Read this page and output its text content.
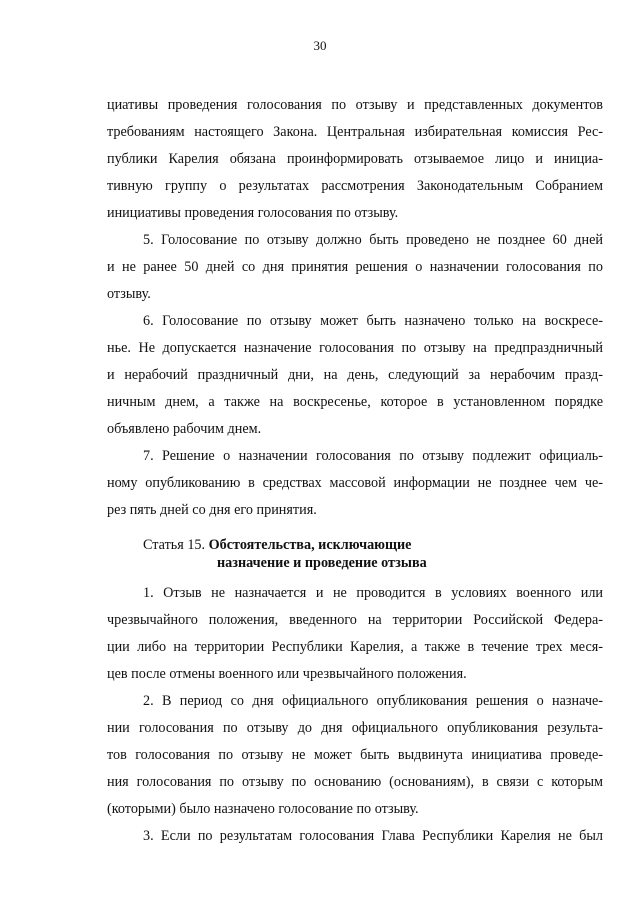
30
циативы проведения голосования по отзыву и представленных документов
требованиям настоящего Закона. Центральная избирательная комиссия Рес-
публики Карелия обязана проинформировать отзываемое лицо и инициа-
тивную группу о результатах рассмотрения Законодательным Собранием
инициативы проведения голосования по отзыву.
5. Голосование по отзыву должно быть проведено не позднее 60 дней
и не ранее 50 дней со дня принятия решения о назначении голосования по
отзыву.
6. Голосование по отзыву может быть назначено только на воскресе-
нье. Не допускается назначение голосования по отзыву на предпраздничный
и нерабочий праздничный дни, на день, следующий за нерабочим празд-
ничным днем, а также на воскресенье, которое в установленном порядке
объявлено рабочим днем.
7. Решение о назначении голосования по отзыву подлежит официаль-
ному опубликованию в средствах массовой информации не позднее чем че-
рез пять дней со дня его принятия.
Статья 15. Обстоятельства, исключающие
назначение и проведение отзыва
1. Отзыв не назначается и не проводится в условиях военного или
чрезвычайного положения, введенного на территории Российской Федера-
ции либо на территории Республики Карелия, а также в течение трех меся-
цев после отмены военного или чрезвычайного положения.
2. В период со дня официального опубликования решения о назначе-
нии голосования по отзыву до дня официального опубликования результа-
тов голосования по отзыву не может быть выдвинута инициатива проведе-
ния голосования по отзыву по основанию (основаниям), в связи с которым
(которыми) было назначено голосование по отзыву.
3. Если по результатам голосования Глава Республики Карелия не был
